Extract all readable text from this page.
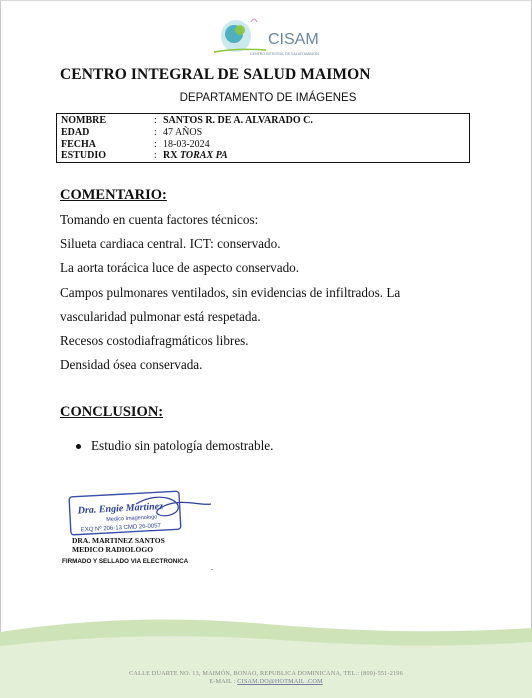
CISAM
CENTRO INTEGRAL DE SALUD MAIMON
CENTRO INTEGRAL DE SALUD MAIMON
DEPARTAMENTO DE IMÁGENES
NOMBRE	: SANTOS R. DE A. ALVARADO C.
EDAD	: 47 AÑOS
FECHA	: 18-03-2024
ESTUDIO	: RX TORAX PA
COMENTARIO:
Tomando en cuenta factores técnicos:
Silueta cardiaca central. ICT: conservado.
La aorta torácica luce de aspecto conservado.
Campos pulmonares ventilados, sin evidencias de infiltrados. La
vascularidad pulmonar está respetada.
Recesos costodiafragmáticos libres.
Densidad ósea conservada.
CONCLUSION:
Estudio sin patología demostrable.
Dra. Engie Martinez
Medico Imagenologo
EXQ Nº 206-13 CMD 26-0057
DRA. MARTINEZ SANTOS
MEDICO RADIOLOGO
FIRMADO Y SELLADO VIA ELECTRONICA
.
CALLE DUARTE NO. 13, MAIMÓN, BONAO, REPUBLICA DOMINICANA, TEL.: (809)-551-2196
E-MAIL : CISAM.DO@HOTMAIL .COM
